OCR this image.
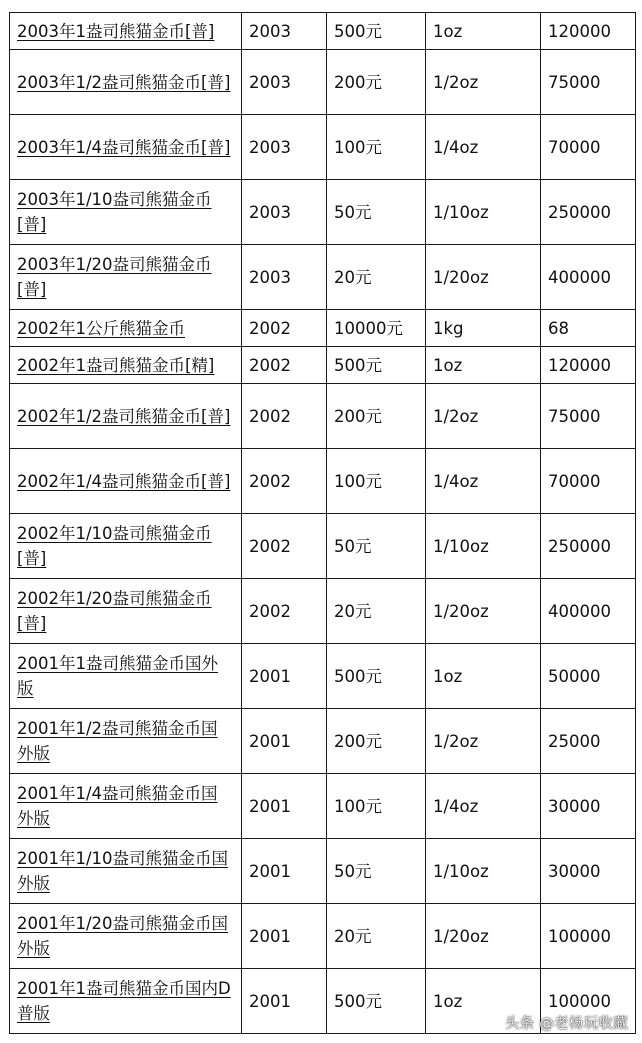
2003年1盎司熊猫金币[普]	2003	500元	1oz	120000
2003年1/2盎司熊猫金币[普]	2003	200元	1/2oz	75000
2003年1/4盎司熊猫金币[普]	2003	100元	1/4oz	70000
2003年1/10盎司熊猫金币[普]	2003	50元	1/10oz	250000
2003年1/20盎司熊猫金币[普]	2003	20元	1/20oz	400000
2002年1公斤熊猫金币	2002	10000元	1kg	68
2002年1盎司熊猫金币[精]	2002	500元	1oz	120000
2002年1/2盎司熊猫金币[普]	2002	200元	1/2oz	75000
2002年1/4盎司熊猫金币[普]	2002	100元	1/4oz	70000
2002年1/10盎司熊猫金币[普]	2002	50元	1/10oz	250000
2002年1/20盎司熊猫金币[普]	2002	20元	1/20oz	400000
2001年1盎司熊猫金币国外版	2001	500元	1oz	50000
2001年1/2盎司熊猫金币国外版	2001	200元	1/2oz	25000
2001年1/4盎司熊猫金币国外版	2001	100元	1/4oz	30000
2001年1/10盎司熊猫金币国外版	2001	50元	1/10oz	30000
2001年1/20盎司熊猫金币国外版	2001	20元	1/20oz	100000
2001年1盎司熊猫金币国内D普版	2001	500元	1oz	100000
头条 @老杨玩收藏
